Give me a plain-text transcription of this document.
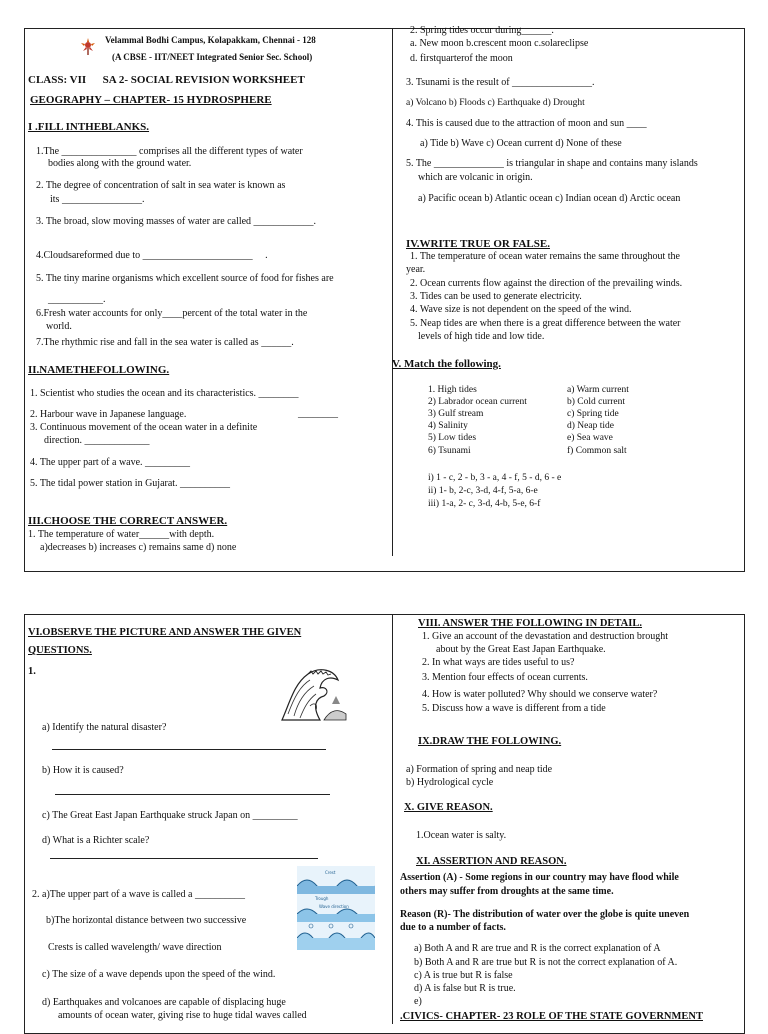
Velammal Bodhi Campus, Kolapakkam, Chennai - 128
(A CBSE - IIT/NEET Integrated Senior Sec. School)
CLASS: VII      SA 2- SOCIAL REVISION WORKSHEET
GEOGRAPHY – CHAPTER- 15 HYDROSPHERE
I .FILL INTHEBLANKS.
1.The _______________ comprises all the different types of water
bodies along with the ground water.
2. The degree of concentration of salt in sea water is known as
its ________________.
3. The broad, slow moving masses of water are called ____________.
4.Cloudsareformed due to ______________________     .
5. The tiny marine organisms which excellent source of food for fishes are
___________.
6.Fresh water accounts for only____percent of the total water in the
world.
7.The rhythmic rise and fall in the sea water is called as ______.
II.NAMETHEFOLLOWING.
1. Scientist who studies the ocean and its characteristics. ________
2. Harbour wave in Japanese language.	________
3. Continuous movement of the ocean water in a definite
direction. _____________
4. The upper part of a wave. _________
5. The tidal power station in Gujarat. __________
III.CHOOSE THE CORRECT ANSWER.
1. The temperature of water______with depth.
a)decreases b) increases c) remains same d) none
2. Spring tides occur during______.
a. New moon b.crescent moon c.solareclipse
d. firstquarterof the moon
3. Tsunami is the result of ________________.
a) Volcano b) Floods c) Earthquake d) Drought
4. This is caused due to the attraction of moon and sun ____
a) Tide b) Wave c) Ocean current d) None of these
5. The ______________ is triangular in shape and contains many islands
which are volcanic in origin.
a) Pacific ocean b) Atlantic ocean c) Indian ocean d) Arctic ocean
IV.WRITE TRUE OR FALSE.
1. The temperature of ocean water remains the same throughout the
year.
2. Ocean currents flow against the direction of the prevailing winds.
3. Tides can be used to generate electricity.
4. Wave size is not dependent on the speed of the wind.
5. Neap tides are when there is a great difference between the water
levels of high tide and low tide.
V. Match the following.
1. High tides
2) Labrador ocean current
3) Gulf stream
4) Salinity
5) Low tides
6) Tsunami
a) Warm current
b) Cold current
c) Spring tide
d) Neap tide
e) Sea wave
f) Common salt
i) 1 - c, 2 - b, 3 - a, 4 - f, 5 - d, 6 - e
ii) 1- b, 2-c, 3-d, 4-f, 5-a, 6-e
iii) 1-a, 2- c, 3-d, 4-b, 5-e, 6-f
VI.OBSERVE THE PICTURE AND ANSWER THE GIVEN
QUESTIONS.
1.
a) Identify the natural disaster?
b) How it is caused?
c) The Great East Japan Earthquake struck Japan on _________
d) What is a Richter scale?
2. a)The upper part of a wave is called a __________
b)The horizontal distance between two successive
Crests is called wavelength/ wave direction
c) The size of a wave depends upon the speed of the wind.
d) Earthquakes and volcanoes are capable of displacing huge
amounts of ocean water, giving rise to huge tidal waves called
Crest
Trough
Wave direction
VIII. ANSWER THE FOLLOWING IN DETAIL.
1. Give an account of the devastation and destruction brought
about by the Great East Japan Earthquake.
2. In what ways are tides useful to us?
3. Mention four effects of ocean currents.
4. How is water polluted? Why should we conserve water?
5. Discuss how a wave is different from a tide
IX.DRAW THE FOLLOWING.
a) Formation of spring and neap tide
b) Hydrological cycle
X. GIVE REASON.
1.Ocean water is salty.
XI. ASSERTION AND REASON.
Assertion (A) - Some regions in our country may have flood while
others may suffer from droughts at the same time.
Reason (R)- The distribution of water over the globe is quite uneven
due to a number of facts.
a) Both A and R are true and R is the correct explanation of A
b) Both A and R are true but R is not the correct explanation of A.
c) A is true but R is false
d) A is false but R is true.
e)
.CIVICS- CHAPTER- 23 ROLE OF THE STATE GOVERNMENT
